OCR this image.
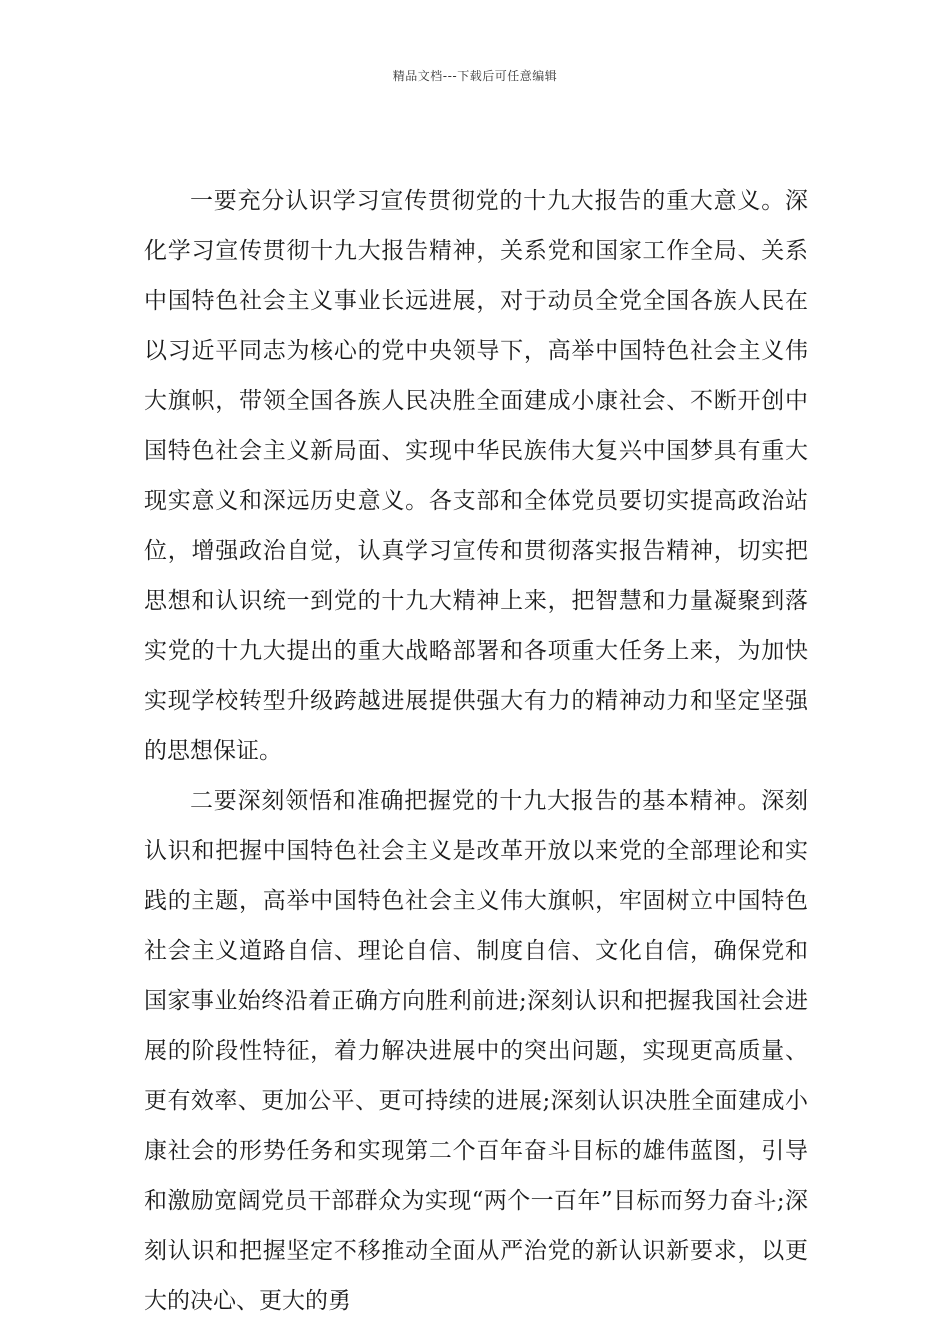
精品文档---下载后可任意编辑

一要充分认识学习宣传贯彻党的十九大报告的重大意义。深化学习宣传贯彻十九大报告精神，关系党和国家工作全局、关系中国特色社会主义事业长远进展，对于动员全党全国各族人民在以习近平同志为核心的党中央领导下，高举中国特色社会主义伟大旗帜，带领全国各族人民决胜全面建成小康社会、不断开创中国特色社会主义新局面、实现中华民族伟大复兴中国梦具有重大现实意义和深远历史意义。各支部和全体党员要切实提高政治站位，增强政治自觉，认真学习宣传和贯彻落实报告精神，切实把思想和认识统一到党的十九大精神上来，把智慧和力量凝聚到落实党的十九大提出的重大战略部署和各项重大任务上来，为加快实现学校转型升级跨越进展提供强大有力的精神动力和坚定坚强的思想保证。

二要深刻领悟和准确把握党的十九大报告的基本精神。深刻认识和把握中国特色社会主义是改革开放以来党的全部理论和实践的主题，高举中国特色社会主义伟大旗帜，牢固树立中国特色社会主义道路自信、理论自信、制度自信、文化自信，确保党和国家事业始终沿着正确方向胜利前进;深刻认识和把握我国社会进展的阶段性特征，着力解决进展中的突出问题，实现更高质量、更有效率、更加公平、更可持续的进展;深刻认识决胜全面建成小康社会的形势任务和实现第二个百年奋斗目标的雄伟蓝图，引导和激励宽阔党员干部群众为实现“两个一百年”目标而努力奋斗;深刻认识和把握坚定不移推动全面从严治党的新认识新要求，以更大的决心、更大的勇
